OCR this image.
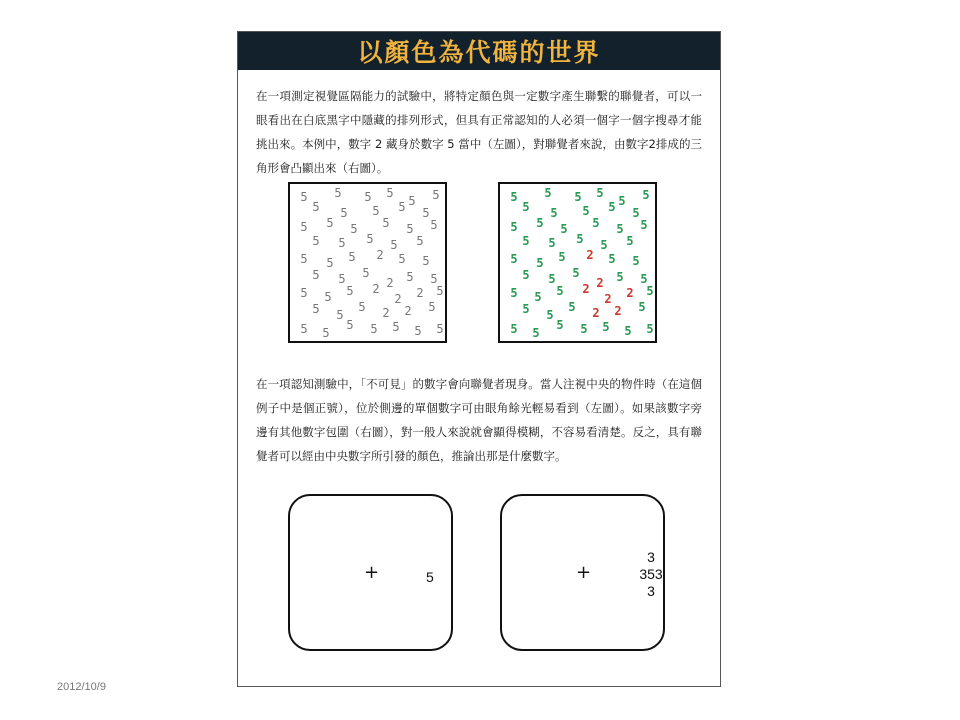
以顏色為代碼的世界
在一項測定視覺區隔能力的試驗中，將特定顏色與一定數字產生聯繫的聯覺者，可以一眼看出在白底黑字中隱藏的排列形式，但具有正常認知的人必須一個字一個字搜尋才能挑出來。本例中，數字 2 藏身於數字 5 當中（左圖），對聯覺者來說，由數字2排成的三角形會凸顯出來（右圖）。
5 5 5 5
5 5
5 5 5 5 5
5 5 5 5 5 5
5 5 5 5 5
5 5 5 2 5 5
5 5 5
2 5 5
5 5 5 2
2 2 5
5 5
5 2 2 5
5 5
5 5 5 5 5
5 5 5 5
5 5
5 5 5 5 5
5 5 5 5 5 5
5 5 5 5 5
5 5 5 2 5 5
5 5 5
2 5 5
5 5 5 2
2 2 5
5 5
5 2 2 5
5 5
5 5 5 5 5
在一項認知測驗中，「不可見」的數字會向聯覺者現身。當人注視中央的物件時（在這個例子中是個正號），位於側邊的單個數字可由眼角餘光輕易看到（左圖）。如果該數字旁邊有其他數字包圍（右圖），對一般人來說就會顯得模糊，不容易看清楚。反之，具有聯覺者可以經由中央數字所引發的顏色，推論出那是什麼數字。
+	5	+
3
353
3
2012/10/9
